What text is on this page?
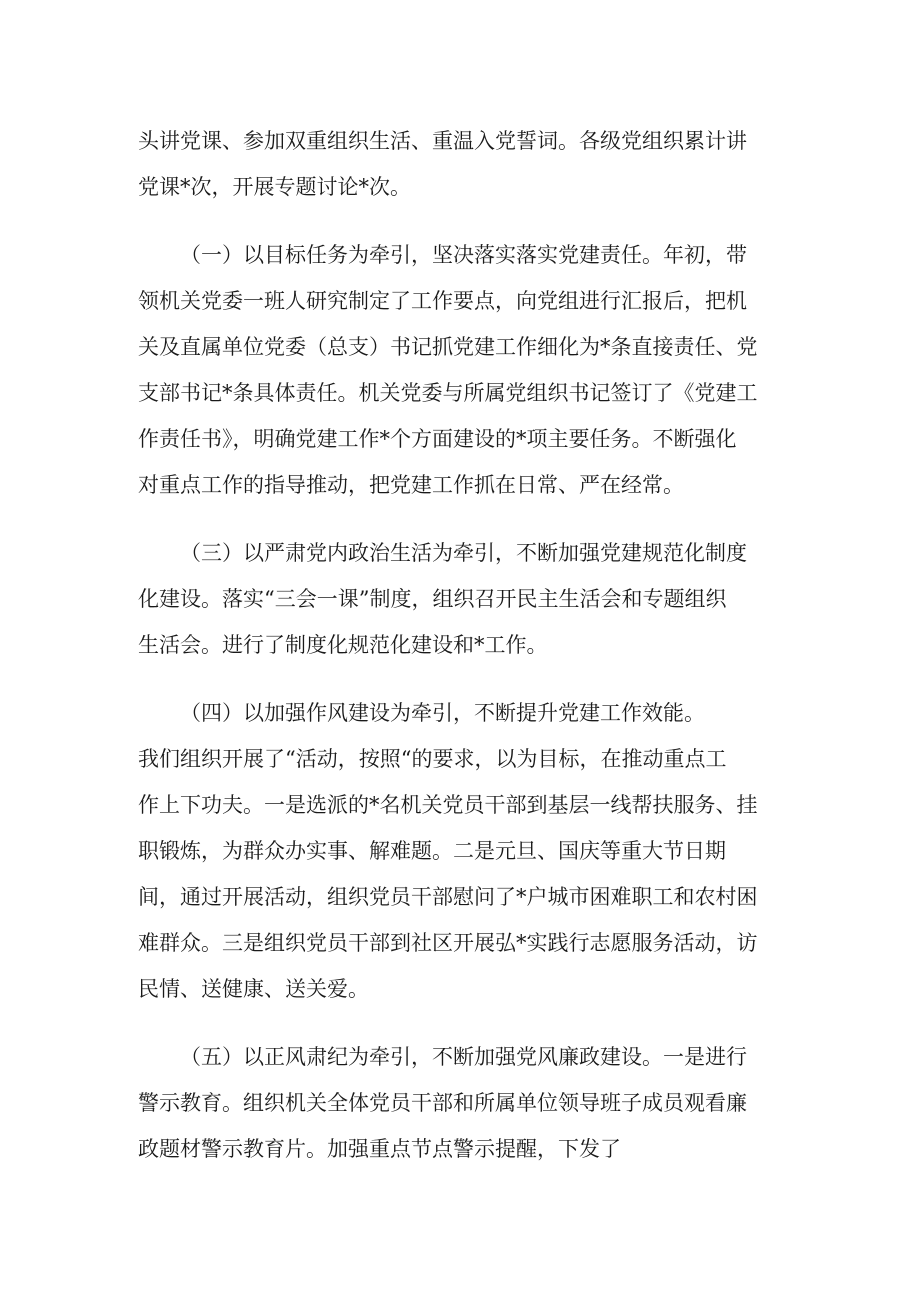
头讲党课、参加双重组织生活、重温入党誓词。各级党组织累计讲
党课*次，开展专题讨论*次。
（一）以目标任务为牵引，坚决落实落实党建责任。年初，带
领机关党委一班人研究制定了工作要点，向党组进行汇报后，把机
关及直属单位党委（总支）书记抓党建工作细化为*条直接责任、党
支部书记*条具体责任。机关党委与所属党组织书记签订了《党建工
作责任书》，明确党建工作*个方面建设的*项主要任务。不断强化
对重点工作的指导推动，把党建工作抓在日常、严在经常。
（三）以严肃党内政治生活为牵引，不断加强党建规范化制度
化建设。落实“三会一课”制度，组织召开民主生活会和专题组织
生活会。进行了制度化规范化建设和*工作。
（四）以加强作风建设为牵引，不断提升党建工作效能。
我们组织开展了“活动，按照“的要求，以为目标，在推动重点工
作上下功夫。一是选派的*名机关党员干部到基层一线帮扶服务、挂
职锻炼，为群众办实事、解难题。二是元旦、国庆等重大节日期
间，通过开展活动，组织党员干部慰问了*户城市困难职工和农村困
难群众。三是组织党员干部到社区开展弘*实践行志愿服务活动，访
民情、送健康、送关爱。
（五）以正风肃纪为牵引，不断加强党风廉政建设。一是进行
警示教育。组织机关全体党员干部和所属单位领导班子成员观看廉
政题材警示教育片。加强重点节点警示提醒，下发了
